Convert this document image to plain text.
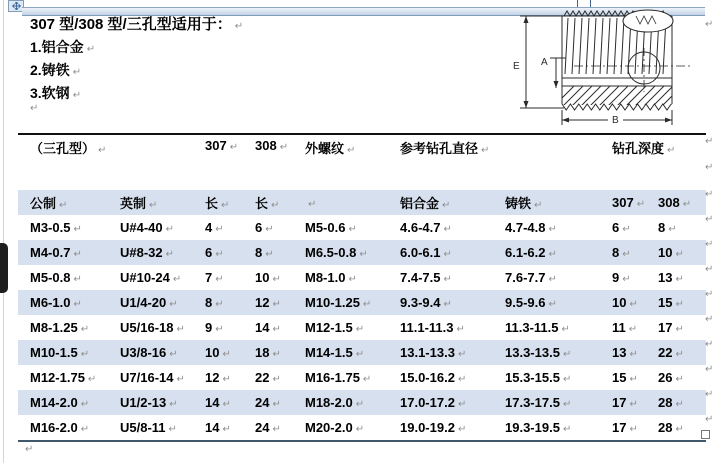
307 型/308 型/三孔型适用于： ↵
1.铝合金 ↵
2.铸铁 ↵
3.软钢 ↵
↵
E A
B
（三孔型） ↵		307 ↵	308 ↵	外螺纹 ↵	参考钻孔直径 ↵		钻孔深度 ↵
公制 ↵	英制 ↵	长 ↵	长 ↵	↵	铝合金 ↵	铸铁 ↵	307 ↵	308 ↵
M3-0.5 ↵	U#4-40 ↵	4 ↵	6 ↵	M5-0.6 ↵	4.6-4.7 ↵	4.7-4.8 ↵	6 ↵	8 ↵
M4-0.7 ↵	U#8-32 ↵	6 ↵	8 ↵	M6.5-0.8 ↵	6.0-6.1 ↵	6.1-6.2 ↵	8 ↵	10 ↵
M5-0.8 ↵	U#10-24 ↵	7 ↵	10 ↵	M8-1.0 ↵	7.4-7.5 ↵	7.6-7.7 ↵	9 ↵	13 ↵
M6-1.0 ↵	U1/4-20 ↵	8 ↵	12 ↵	M10-1.25 ↵	9.3-9.4 ↵	9.5-9.6 ↵	10 ↵	15 ↵
M8-1.25 ↵	U5/16-18 ↵	9 ↵	14 ↵	M12-1.5 ↵	11.1-11.3 ↵	11.3-11.5 ↵	11 ↵	17 ↵
M10-1.5 ↵	U3/8-16 ↵	10 ↵	18 ↵	M14-1.5 ↵	13.1-13.3 ↵	13.3-13.5 ↵	13 ↵	22 ↵
M12-1.75 ↵	U7/16-14 ↵	12 ↵	22 ↵	M16-1.75 ↵	15.0-16.2 ↵	15.3-15.5 ↵	15 ↵	26 ↵
M14-2.0 ↵	U1/2-13 ↵	14 ↵	24 ↵	M18-2.0 ↵	17.0-17.2 ↵	17.3-17.5 ↵	17 ↵	28 ↵
M16-2.0 ↵	U5/8-11 ↵	14 ↵	24 ↵	M20-2.0 ↵	19.0-19.2 ↵	19.3-19.5 ↵	17 ↵	28 ↵
↵
↵
↵
↵
↵
↵
↵
↵
↵
↵
↵
↵
↵
↵
